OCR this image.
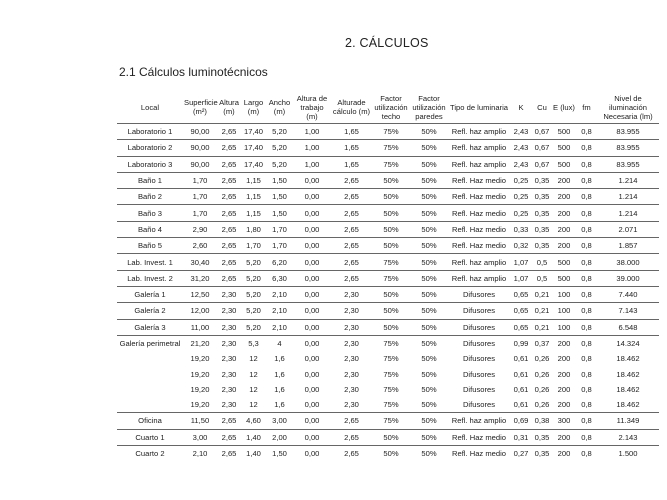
2. CÁLCULOS
2.1 Cálculos luminotécnicos
Local	Superficie (m²)	Altura (m)	Largo (m)	Ancho (m)	Altura de trabajo (m)	Alturade cálculo (m)	Factor utilización techo	Factor utilización paredes	Tipo de luminaria	K	Cu	E (lux)	fm	Nivel de iluminación Necesaria (lm)
Laboratorio 1	90,00	2,65	17,40	5,20	1,00	1,65	75%	50%	Refl. haz amplio	2,43	0,67	500	0,8	83.955
Laboratorio 2	90,00	2,65	17,40	5,20	1,00	1,65	75%	50%	Refl. haz amplio	2,43	0,67	500	0,8	83.955
Laboratorio 3	90,00	2,65	17,40	5,20	1,00	1,65	75%	50%	Refl. haz amplio	2,43	0,67	500	0,8	83.955
Baño 1	1,70	2,65	1,15	1,50	0,00	2,65	50%	50%	Refl. Haz medio	0,25	0,35	200	0,8	1.214
Baño 2	1,70	2,65	1,15	1,50	0,00	2,65	50%	50%	Refl. Haz medio	0,25	0,35	200	0,8	1.214
Baño 3	1,70	2,65	1,15	1,50	0,00	2,65	50%	50%	Refl. Haz medio	0,25	0,35	200	0,8	1.214
Baño 4	2,90	2,65	1,80	1,70	0,00	2,65	50%	50%	Refl. Haz medio	0,33	0,35	200	0,8	2.071
Baño 5	2,60	2,65	1,70	1,70	0,00	2,65	50%	50%	Refl. Haz medio	0,32	0,35	200	0,8	1.857
Lab. Invest. 1	30,40	2,65	5,20	6,20	0,00	2,65	75%	50%	Refl. haz amplio	1,07	0,5	500	0,8	38.000
Lab. Invest. 2	31,20	2,65	5,20	6,30	0,00	2,65	75%	50%	Refl. haz amplio	1,07	0,5	500	0,8	39.000
Galería 1	12,50	2,30	5,20	2,10	0,00	2,30	50%	50%	Difusores	0,65	0,21	100	0,8	7.440
Galería 2	12,00	2,30	5,20	2,10	0,00	2,30	50%	50%	Difusores	0,65	0,21	100	0,8	7.143
Galería 3	11,00	2,30	5,20	2,10	0,00	2,30	50%	50%	Difusores	0,65	0,21	100	0,8	6.548
Galería perimetral	21,20	2,30	5,3	4	0,00	2,30	75%	50%	Difusores	0,99	0,37	200	0,8	14.324
	19,20	2,30	12	1,6	0,00	2,30	75%	50%	Difusores	0,61	0,26	200	0,8	18.462
	19,20	2,30	12	1,6	0,00	2,30	75%	50%	Difusores	0,61	0,26	200	0,8	18.462
	19,20	2,30	12	1,6	0,00	2,30	75%	50%	Difusores	0,61	0,26	200	0,8	18.462
	19,20	2,30	12	1,6	0,00	2,30	75%	50%	Difusores	0,61	0,26	200	0,8	18.462
Oficina	11,50	2,65	4,60	3,00	0,00	2,65	75%	50%	Refl. haz amplio	0,69	0,38	300	0,8	11.349
Cuarto 1	3,00	2,65	1,40	2,00	0,00	2,65	50%	50%	Refl. Haz medio	0,31	0,35	200	0,8	2.143
Cuarto 2	2,10	2,65	1,40	1,50	0,00	2,65	50%	50%	Refl. Haz medio	0,27	0,35	200	0,8	1.500
